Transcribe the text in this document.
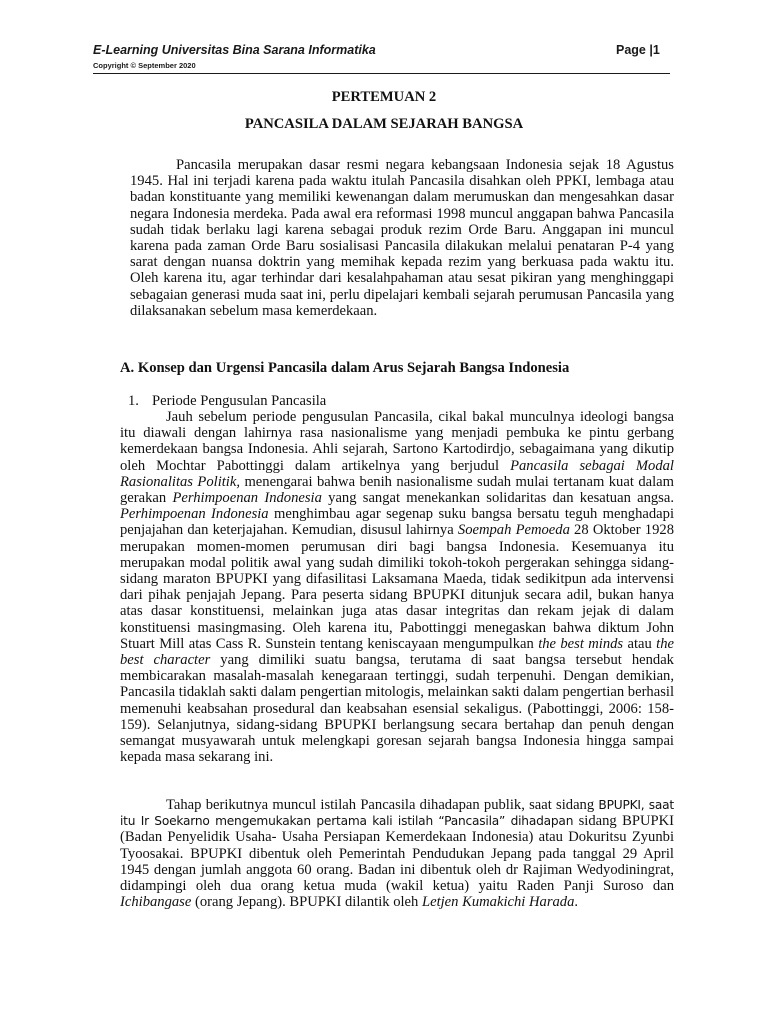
E-Learning Universitas Bina Sarana Informatika	Page |1
Copyright © September 2020
PERTEMUAN 2
PANCASILA DALAM SEJARAH BANGSA
Pancasila merupakan dasar resmi negara kebangsaan Indonesia sejak 18 Agustus 1945. Hal ini terjadi karena pada waktu itulah Pancasila disahkan oleh PPKI, lembaga atau badan konstituante yang memiliki kewenangan dalam merumuskan dan mengesahkan dasar negara Indonesia merdeka. Pada awal era reformasi 1998 muncul anggapan bahwa Pancasila sudah tidak berlaku lagi karena sebagai produk rezim Orde Baru. Anggapan ini muncul karena pada zaman Orde Baru sosialisasi Pancasila dilakukan melalui penataran P-4 yang sarat dengan nuansa doktrin yang memihak kepada rezim yang berkuasa pada waktu itu. Oleh karena itu, agar terhindar dari kesalahpahaman atau sesat pikiran yang menghinggapi sebagaian generasi muda saat ini, perlu dipelajari kembali sejarah perumusan Pancasila yang dilaksanakan sebelum masa kemerdekaan.
A. Konsep dan Urgensi Pancasila dalam Arus Sejarah Bangsa Indonesia
1. Periode Pengusulan Pancasila
Jauh sebelum periode pengusulan Pancasila, cikal bakal munculnya ideologi bangsa itu diawali dengan lahirnya rasa nasionalisme yang menjadi pembuka ke pintu gerbang kemerdekaan bangsa Indonesia. Ahli sejarah, Sartono Kartodirdjo, sebagaimana yang dikutip oleh Mochtar Pabottinggi dalam artikelnya yang berjudul Pancasila sebagai Modal Rasionalitas Politik, menengarai bahwa benih nasionalisme sudah mulai tertanam kuat dalam gerakan Perhimpoenan Indonesia yang sangat menekankan solidaritas dan kesatuan angsa. Perhimpoenan Indonesia menghimbau agar segenap suku bangsa bersatu teguh menghadapi penjajahan dan keterjajahan. Kemudian, disusul lahirnya Soempah Pemoeda 28 Oktober 1928 merupakan momen-momen perumusan diri bagi bangsa Indonesia. Kesemuanya itu merupakan modal politik awal yang sudah dimiliki tokoh-tokoh pergerakan sehingga sidang-sidang maraton BPUPKI yang difasilitasi Laksamana Maeda, tidak sedikitpun ada intervensi dari pihak penjajah Jepang. Para peserta sidang BPUPKI ditunjuk secara adil, bukan hanya atas dasar konstituensi, melainkan juga atas dasar integritas dan rekam jejak di dalam konstituensi masingmasing. Oleh karena itu, Pabottinggi menegaskan bahwa diktum John Stuart Mill atas Cass R. Sunstein tentang keniscayaan mengumpulkan the best minds atau the best character yang dimiliki suatu bangsa, terutama di saat bangsa tersebut hendak membicarakan masalah-masalah kenegaraan tertinggi, sudah terpenuhi. Dengan demikian, Pancasila tidaklah sakti dalam pengertian mitologis, melainkan sakti dalam pengertian berhasil memenuhi keabsahan prosedural dan keabsahan esensial sekaligus. (Pabottinggi, 2006: 158-159). Selanjutnya, sidang-sidang BPUPKI berlangsung secara bertahap dan penuh dengan semangat musyawarah untuk melengkapi goresan sejarah bangsa Indonesia hingga sampai kepada masa sekarang ini.
Tahap berikutnya muncul istilah Pancasila dihadapan publik, saat sidang BPUPKI, saat itu Ir Soekarno mengemukakan pertama kali istilah “Pancasila” dihadapan sidang BPUPKI (Badan Penyelidik Usaha- Usaha Persiapan Kemerdekaan Indonesia) atau Dokuritsu Zyunbi Tyoosakai. BPUPKI dibentuk oleh Pemerintah Pendudukan Jepang pada tanggal 29 April 1945 dengan jumlah anggota 60 orang. Badan ini dibentuk oleh dr Rajiman Wedyodiningrat, didampingi oleh dua orang ketua muda (wakil ketua) yaitu Raden Panji Suroso dan Ichibangase (orang Jepang). BPUPKI dilantik oleh Letjen Kumakichi Harada.
